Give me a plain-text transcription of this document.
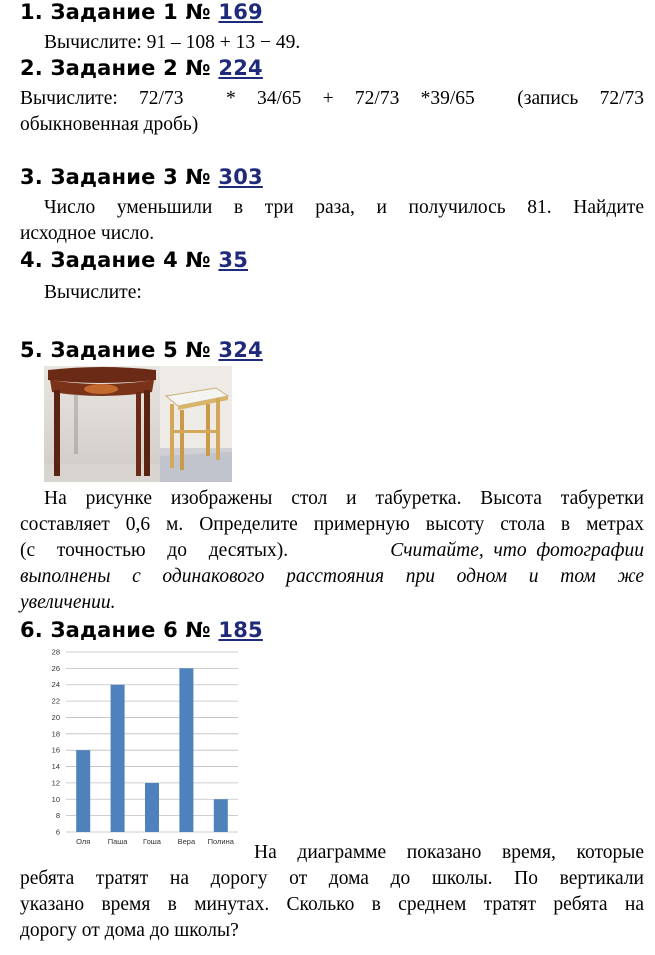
1. Задание 1 № 169
Вычислите: 91 – 108 + 13 − 49.
2. Задание 2 № 224
Вычислите:  72/73    *  34/65  +  72/73  *39/65    (запись  72/73
обыкновенная дробь)
3. Задание 3 № 303
Число уменьшили в три раза, и получилось 81. Найдите
исходное число.
4. Задание 4 № 35
Вычислите:
5. Задание 5 № 324
На рисунке изображены стол и табуретка. Высота табуретки
составляет 0,6 м. Определите примерную высоту стола в метрах
(с  точностью  до  десятых).	Считайте,  что  фотографии
выполнены  с  одинакового  расстояния  при  одном  и  том  же
увеличении.
6. Задание 6 № 185
6
8
10
12
14
16
18
20
22
24
26
28
Оля Паша Гоша Вера Полина
На диаграмме показано время, которые
ребята тратят на дорогу от дома до школы. По вертикали
указано время в минутах. Сколько в среднем тратят ребята на
дорогу от дома до школы?
